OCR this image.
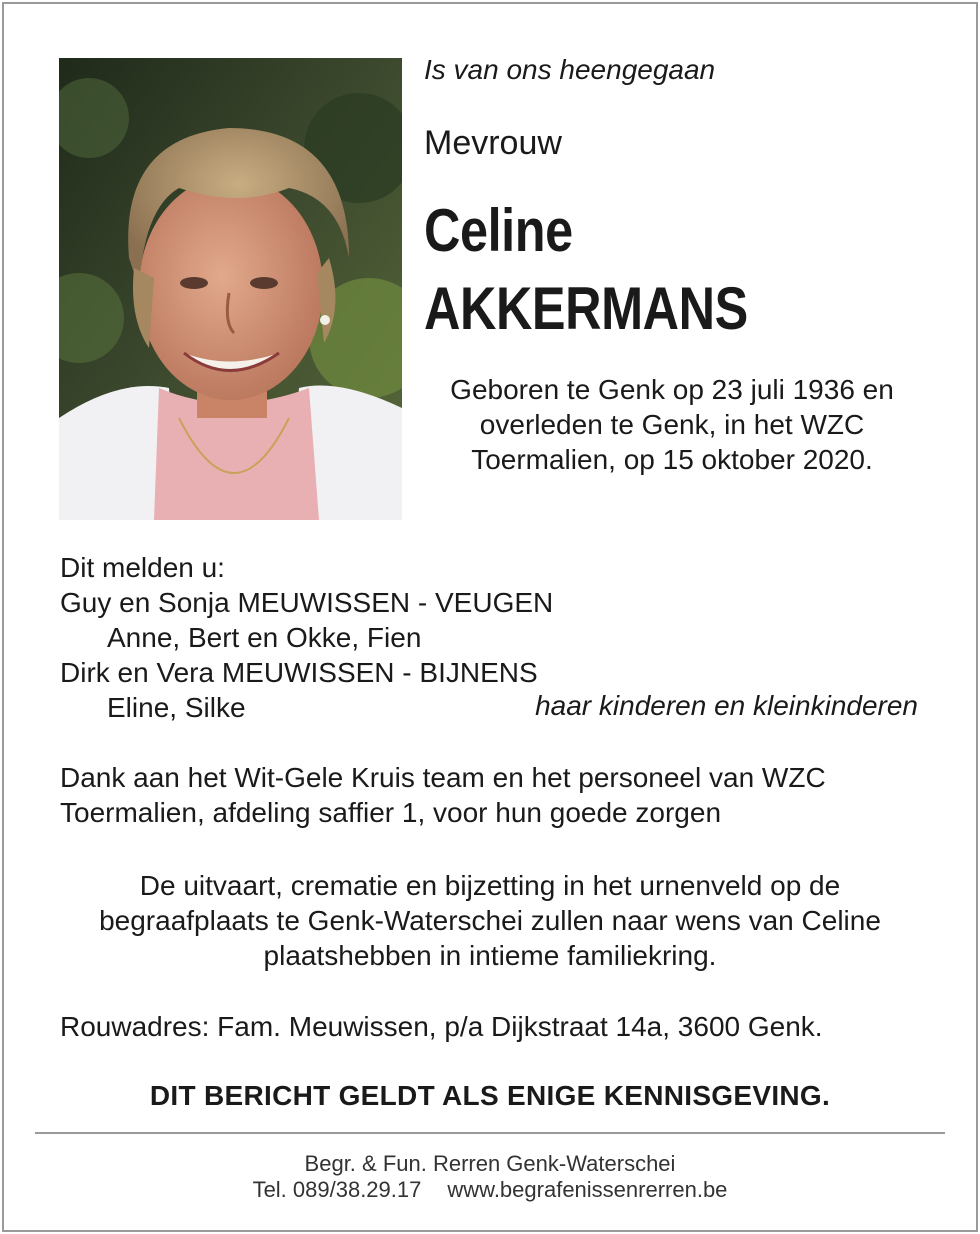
Is van ons heengegaan
Mevrouw
Celine
AKKERMANS
Geboren te Genk op 23 juli 1936 en
overleden te Genk, in het WZC
Toermalien, op 15 oktober 2020.
Dit melden u:
Guy en Sonja MEUWISSEN - VEUGEN
Anne, Bert en Okke, Fien
Dirk en Vera MEUWISSEN - BIJNENS
Eline, Silke	haar kinderen en kleinkinderen
Dank aan het Wit-Gele Kruis team en het personeel van WZC
Toermalien, afdeling saffier 1, voor hun goede zorgen
De uitvaart, crematie en bijzetting in het urnenveld op de
begraafplaats te Genk-Waterschei zullen naar wens van Celine
plaatshebben in intieme familiekring.
Rouwadres: Fam. Meuwissen, p/a Dijkstraat 14a, 3600 Genk.
DIT BERICHT GELDT ALS ENIGE KENNISGEVING.
Begr. & Fun. Rerren Genk-Waterschei
Tel. 089/38.29.17 www.begrafenissenrerren.be
